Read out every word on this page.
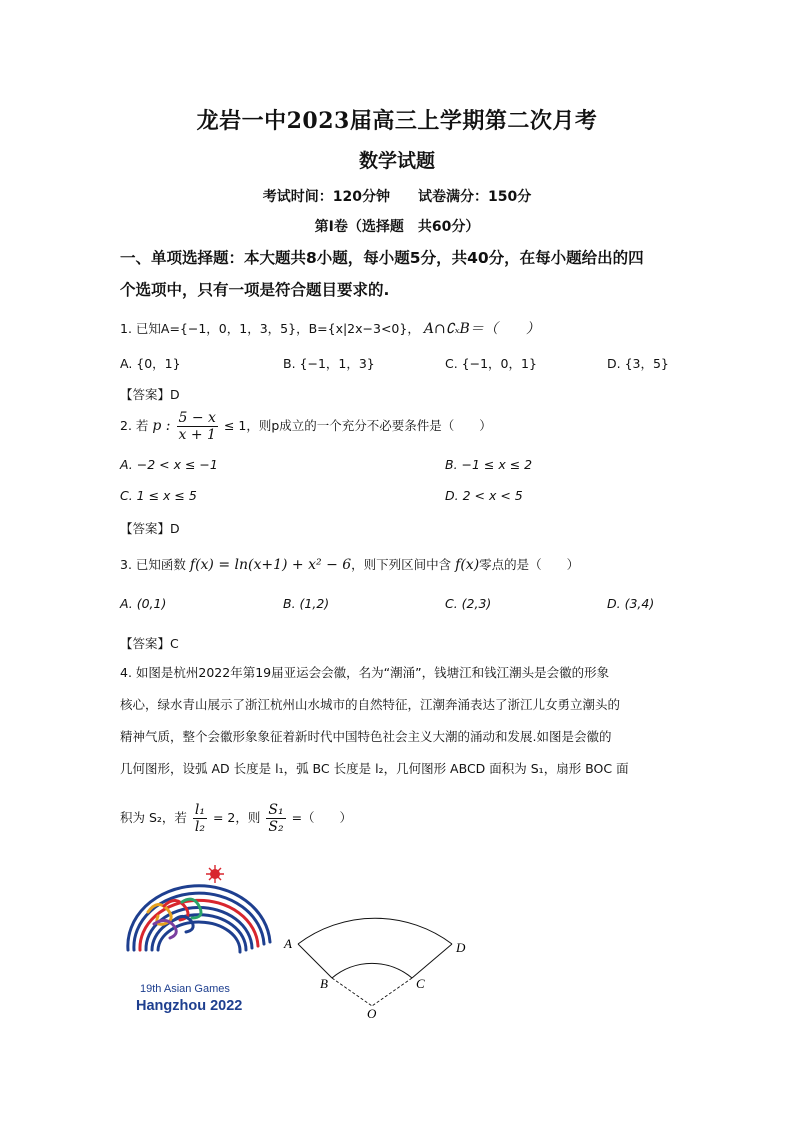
龙岩一中2023届高三上学期第二次月考
数学试题
考试时间：120分钟 试卷满分：150分
第I卷（选择题　共60分）
一、单项选择题：本大题共8小题，每小题5分，共40分，在每小题给出的四
个选项中，只有一项是符合题目要求的.
1. 已知A={−1，0，1，3，5}，B={x|2x−3<0}， A∩∁ₓB＝（　　）
A. {0，1}	B. {−1，1，3}	C. {−1，0，1}	D. {3，5}
【答案】D
2. 若 p : $\frac{5 - x}{x + 1} \le 1$，则p成立的一个充分不必要条件是（　　）
A. −2 < x ≤ −1	B. −1 ≤ x ≤ 2
C. 1 ≤ x ≤ 5	D. 2 < x < 5
【答案】D
3. 已知函数 f(x) = ln(x+1) + x² − 6，则下列区间中含 f(x)零点的是（　　）
A. (0,1)	B. (1,2)	C. (2,3)	D. (3,4)
【答案】C
4. 如图是杭州2022年第19届亚运会会徽，名为“潮涌”，钱塘江和钱江潮头是会徽的形象
核心，绿水青山展示了浙江杭州山水城市的自然特征，江潮奔涌表达了浙江儿女勇立潮头的
精神气质，整个会徽形象象征着新时代中国特色社会主义大潮的涌动和发展.如图是会徽的
几何图形，设弧 AD 长度是 l₁，弧 BC 长度是 l₂，几何图形 ABCD 面积为 S₁，扇形 BOC 面
积为 S₂，若 $\frac{\text{l₁}}{\text{l₂}} = 2$，则 $\frac{\text{S₁}}{\text{S₂}}$ =（　　）
19th Asian Games
Hangzhou 2022
A
B	C
D
O
